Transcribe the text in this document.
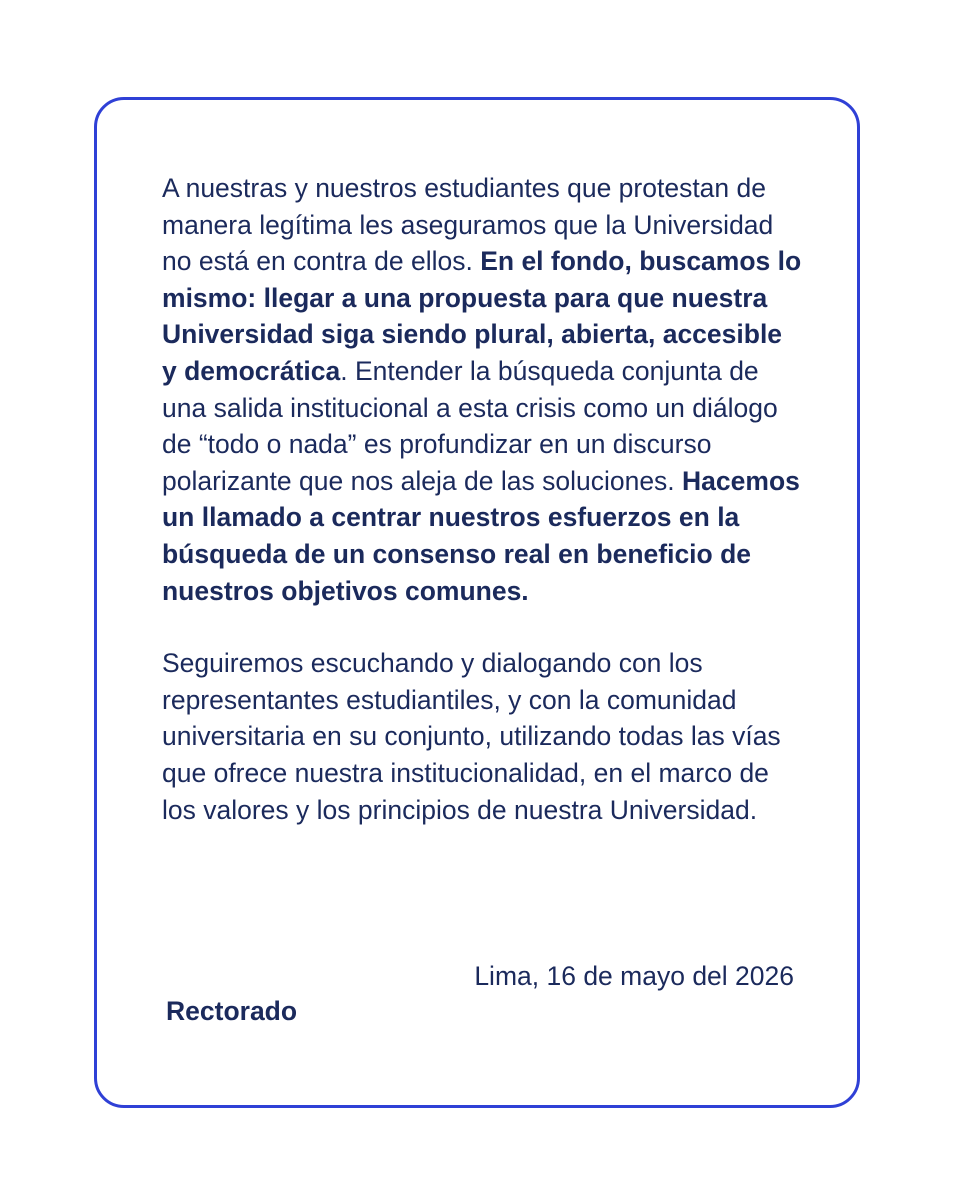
A nuestras y nuestros estudiantes que protestan de manera legítima les aseguramos que la Universidad no está en contra de ellos. En el fondo, buscamos lo mismo: llegar a una propuesta para que nuestra Universidad siga siendo plural, abierta, accesible y democrática. Entender la búsqueda conjunta de una salida institucional a esta crisis como un diálogo de “todo o nada” es profundizar en un discurso polarizante que nos aleja de las soluciones. Hacemos un llamado a centrar nuestros esfuerzos en la búsqueda de un consenso real en beneficio de nuestros objetivos comunes.

Seguiremos escuchando y dialogando con los representantes estudiantiles, y con la comunidad universitaria en su conjunto, utilizando todas las vías que ofrece nuestra institucionalidad, en el marco de los valores y los principios de nuestra Universidad.

Lima, 16 de mayo del 2026
Rectorado
